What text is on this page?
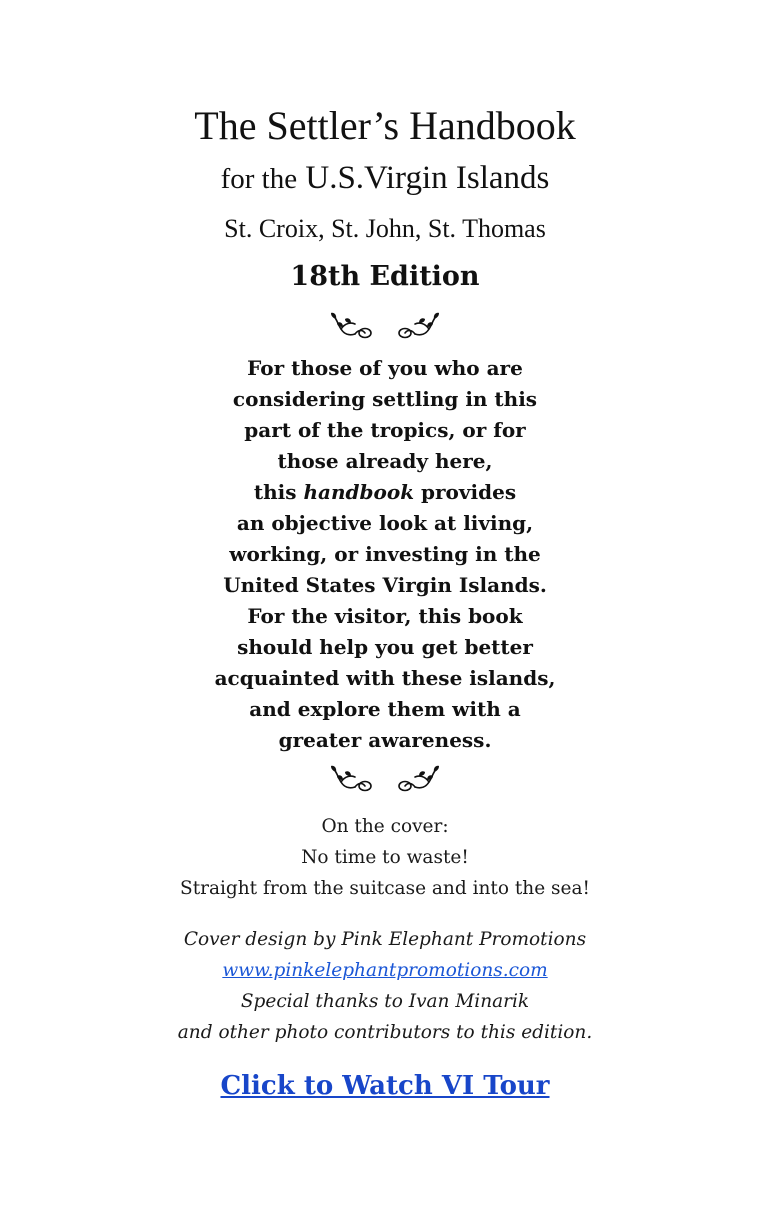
The Settler’s Handbook
for the U.S.Virgin Islands
St. Croix, St. John, St. Thomas
18th Edition
For those of you who are
considering settling in this
part of the tropics, or for
those already here,
this handbook provides
an objective look at living,
working, or investing in the
United States Virgin Islands.
For the visitor, this book
should help you get better
acquainted with these islands,
and explore them with a
greater awareness.
On the cover:
No time to waste!
Straight from the suitcase and into the sea!
Cover design by Pink Elephant Promotions
www.pinkelephantpromotions.com
Special thanks to Ivan Minarik
and other photo contributors to this edition.
Click to Watch VI Tour
